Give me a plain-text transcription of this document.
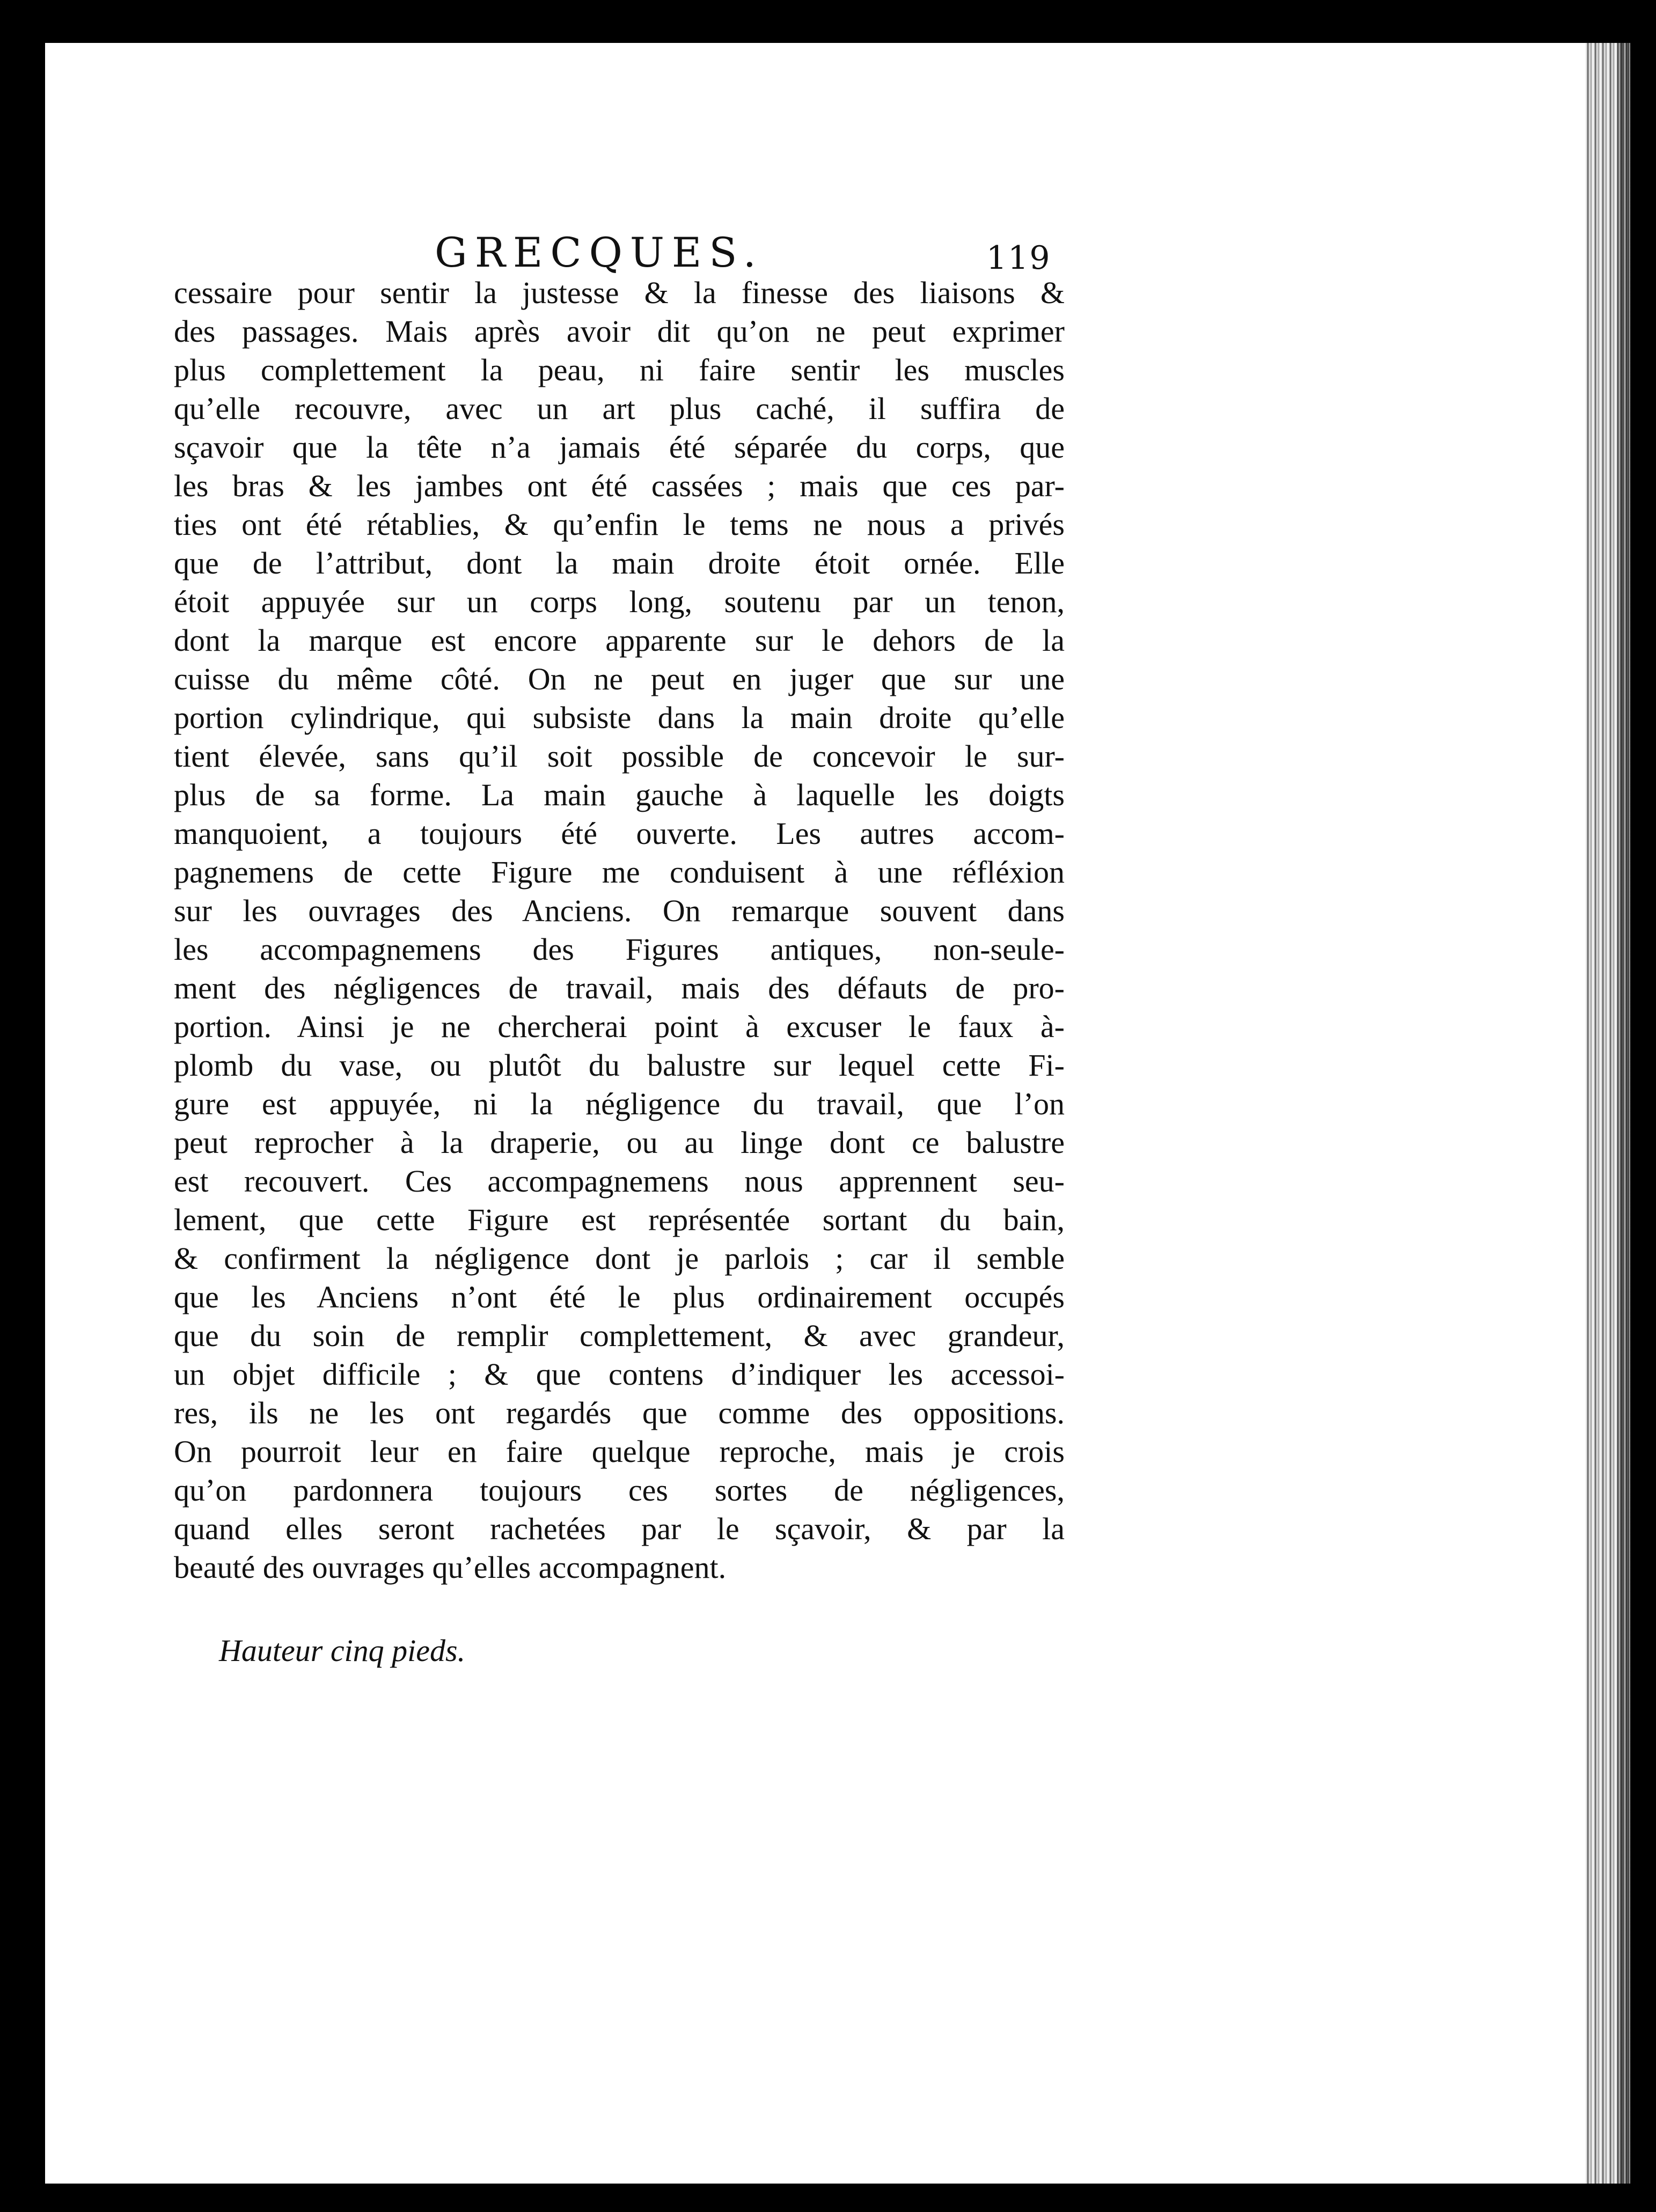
GRECQUES.	119
cessaire pour sentir la justesse & la finesse des liaisons &
des passages. Mais après avoir dit qu’on ne peut exprimer
plus complettement la peau, ni faire sentir les muscles
qu’elle recouvre, avec un art plus caché, il suffira de
sçavoir que la tête n’a jamais été séparée du corps, que
les bras & les jambes ont été cassées ; mais que ces par-
ties ont été rétablies, & qu’enfin le tems ne nous a privés
que de l’attribut, dont la main droite étoit ornée. Elle
étoit appuyée sur un corps long, soutenu par un tenon,
dont la marque est encore apparente sur le dehors de la
cuisse du même côté. On ne peut en juger que sur une
portion cylindrique, qui subsiste dans la main droite qu’elle
tient élevée, sans qu’il soit possible de concevoir le sur-
plus de sa forme. La main gauche à laquelle les doigts
manquoient, a toujours été ouverte. Les autres accom-
pagnemens de cette Figure me conduisent à une réfléxion
sur les ouvrages des Anciens. On remarque souvent dans
les accompagnemens des Figures antiques, non-seule-
ment des négligences de travail, mais des défauts de pro-
portion. Ainsi je ne chercherai point à excuser le faux à-
plomb du vase, ou plutôt du balustre sur lequel cette Fi-
gure est appuyée, ni la négligence du travail, que l’on
peut reprocher à la draperie, ou au linge dont ce balustre
est recouvert. Ces accompagnemens nous apprennent seu-
lement, que cette Figure est représentée sortant du bain,
& confirment la négligence dont je parlois ; car il semble
que les Anciens n’ont été le plus ordinairement occupés
que du soin de remplir complettement, & avec grandeur,
un objet difficile ; & que contens d’indiquer les accessoi-
res, ils ne les ont regardés que comme des oppositions.
On pourroit leur en faire quelque reproche, mais je crois
qu’on pardonnera toujours ces sortes de négligences,
quand elles seront rachetées par le sçavoir, & par la
beauté des ouvrages qu’elles accompagnent.
Hauteur cinq pieds.
